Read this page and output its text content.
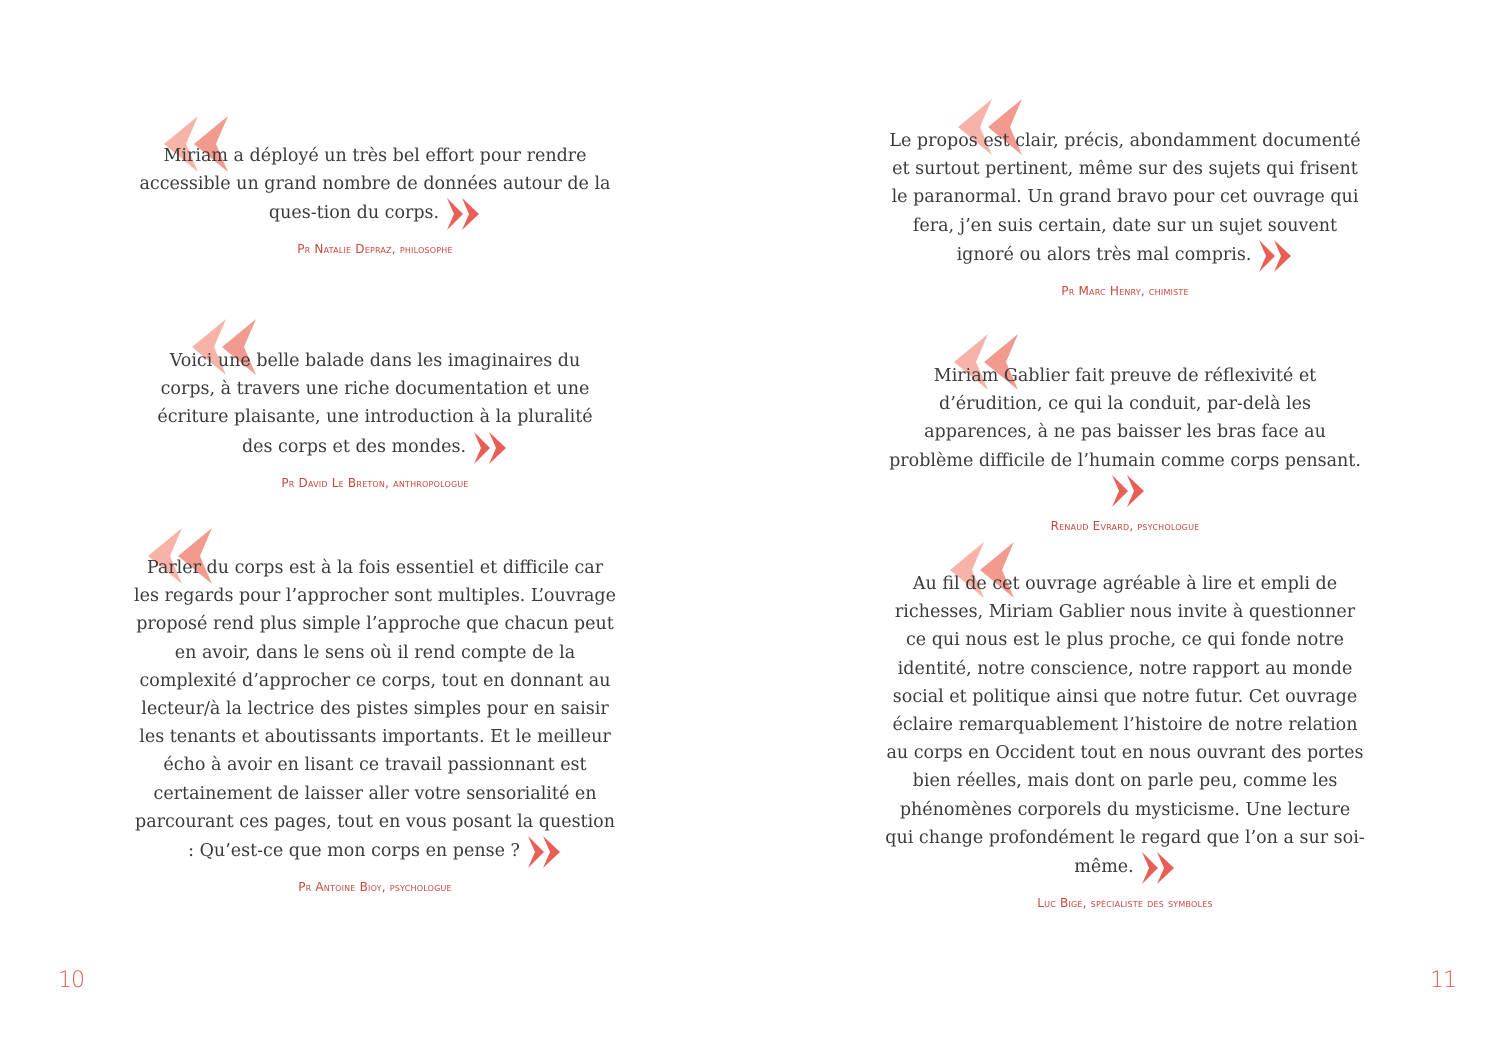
Miriam a déployé un très bel effort pour rendre accessible un grand nombre de données autour de la ques-tion du corps.

Pr Natalie Depraz, philosophe

Voici une belle balade dans les imaginaires du corps, à travers une riche documentation et une écriture plaisante, une introduction à la pluralité des corps et des mondes.

Pr David Le Breton, anthropologue

Parler du corps est à la fois essentiel et difficile car les regards pour l’approcher sont multiples. L’ouvrage proposé rend plus simple l’approche que chacun peut en avoir, dans le sens où il rend compte de la complexité d’approcher ce corps, tout en donnant au lecteur/à la lectrice des pistes simples pour en saisir les tenants et aboutissants importants. Et le meilleur écho à avoir en lisant ce travail passionnant est certainement de laisser aller votre sensorialité en parcourant ces pages, tout en vous posant la question : Qu’est-ce que mon corps en pense ?

Pr Antoine Bioy, psychologue

Le propos est clair, précis, abondamment documenté et surtout pertinent, même sur des sujets qui frisent le paranormal. Un grand bravo pour cet ouvrage qui fera, j’en suis certain, date sur un sujet souvent ignoré ou alors très mal compris.

Pr Marc Henry, chimiste

Miriam Gablier fait preuve de réflexivité et d’érudition, ce qui la conduit, par-delà les apparences, à ne pas baisser les bras face au problème difficile de l’humain comme corps pensant.

Renaud Evrard, psychologue

Au fil de cet ouvrage agréable à lire et empli de richesses, Miriam Gablier nous invite à questionner ce qui nous est le plus proche, ce qui fonde notre identité, notre conscience, notre rapport au monde social et politique ainsi que notre futur. Cet ouvrage éclaire remarquablement l’histoire de notre relation au corps en Occident tout en nous ouvrant des portes bien réelles, mais dont on parle peu, comme les phénomènes corporels du mysticisme. Une lecture qui change profondément le regard que l’on a sur soi-même.

Luc Bigé, spécialiste des symboles
10	11
